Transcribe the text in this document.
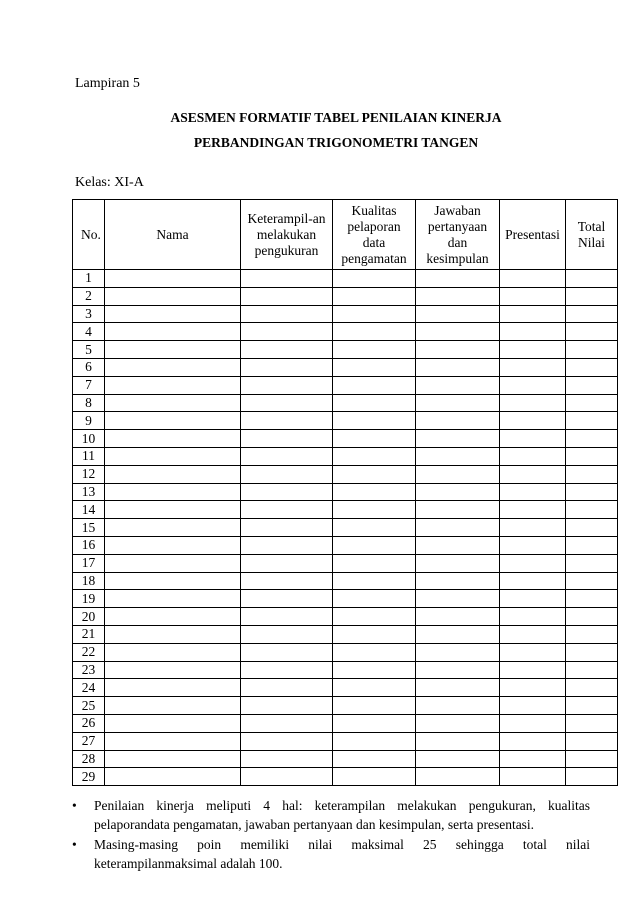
Lampiran 5
ASESMEN FORMATIF TABEL PENILAIAN KINERJA
PERBANDINGAN TRIGONOMETRI TANGEN
Kelas: XI-A
No.	Nama	Keterampil-an
melakukan
pengukuran	Kualitas
pelaporan
data
pengamatan	Jawaban
pertanyaan
dan kesimpulan	Presentasi	Total
Nilai
1						
2						
3						
4						
5						
6						
7						
8						
9						
10						
11						
12						
13						
14						
15						
16						
17						
18						
19						
20						
21						
22						
23						
24						
25						
26						
27						
28						
29						
• Penilaian kinerja meliputi 4 hal: keterampilan melakukan pengukuran, kualitas pelaporandata pengamatan, jawaban pertanyaan dan kesimpulan, serta presentasi.
• Masing-masing poin memiliki nilai maksimal 25 sehingga total nilai keterampilanmaksimal adalah 100.
